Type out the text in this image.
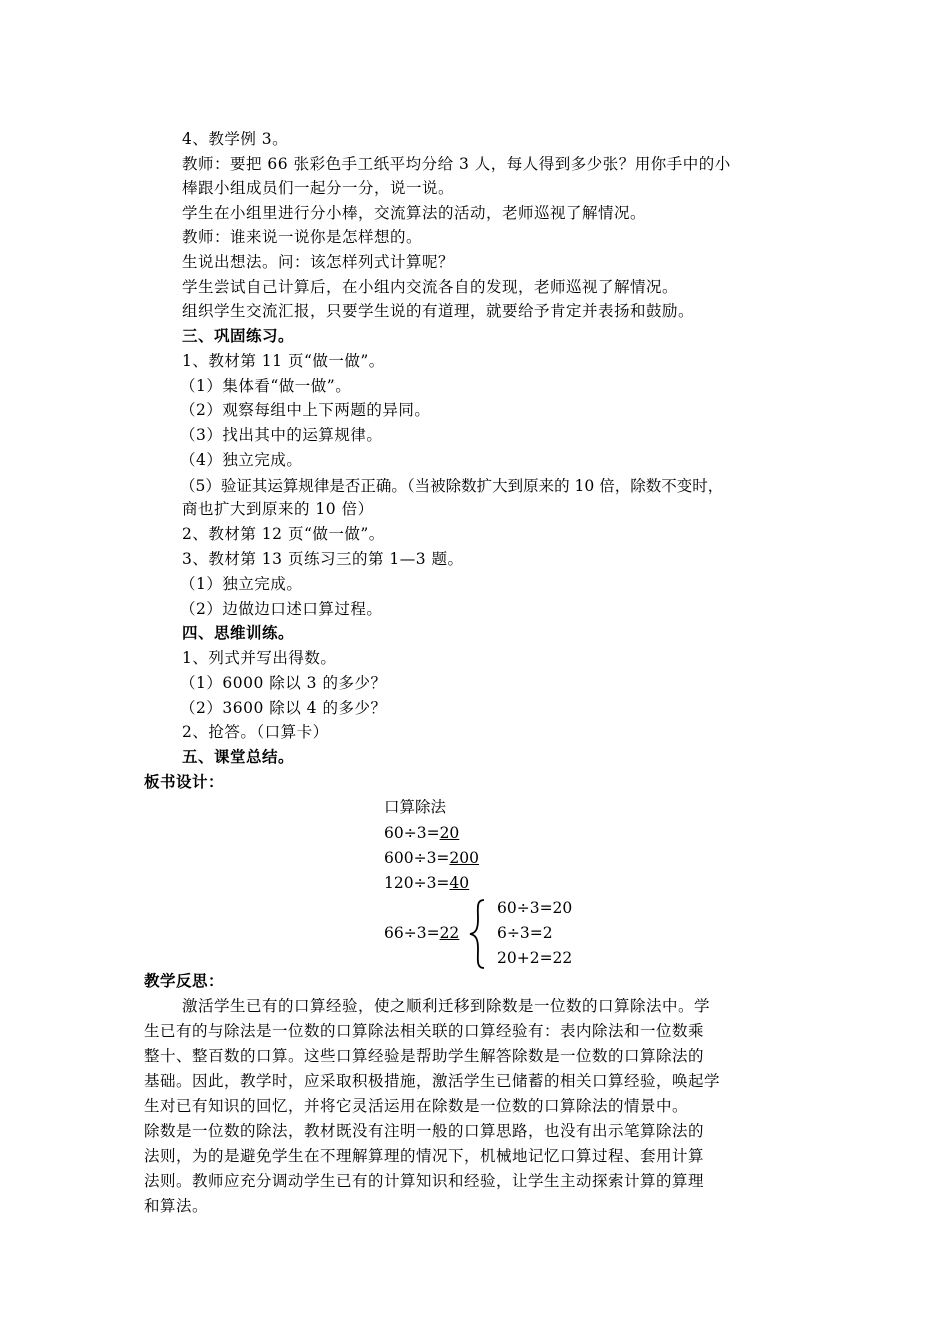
4、教学例 3。
教师：要把 66 张彩色手工纸平均分给 3 人，每人得到多少张？用你手中的小
棒跟小组成员们一起分一分，说一说。
学生在小组里进行分小棒，交流算法的活动，老师巡视了解情况。
教师：谁来说一说你是怎样想的。
生说出想法。问：该怎样列式计算呢？
学生尝试自己计算后，在小组内交流各自的发现，老师巡视了解情况。
组织学生交流汇报，只要学生说的有道理，就要给予肯定并表扬和鼓励。
三、巩固练习。
1、教材第 11 页“做一做”。
（1）集体看“做一做”。
（2）观察每组中上下两题的异同。
（3）找出其中的运算规律。
（4）独立完成。
（5）验证其运算规律是否正确。（当被除数扩大到原来的 10 倍，除数不变时，
商也扩大到原来的 10 倍）
2、教材第 12 页“做一做”。
3、教材第 13 页练习三的第 1—3 题。
（1）独立完成。
（2）边做边口述口算过程。
四、思维训练。
1、列式并写出得数。
（1）6000 除以 3 的多少？
（2）3600 除以 4 的多少？
2、抢答。（口算卡）
五、课堂总结。
板书设计：
口算除法
60÷3=20
600÷3=200
120÷3=40
66÷3=22
60÷3=20
6÷3=2
20+2=22
教学反思：
激活学生已有的口算经验，使之顺利迁移到除数是一位数的口算除法中。学
生已有的与除法是一位数的口算除法相关联的口算经验有：表内除法和一位数乘
整十、整百数的口算。这些口算经验是帮助学生解答除数是一位数的口算除法的
基础。因此，教学时，应采取积极措施，激活学生已储蓄的相关口算经验，唤起学
生对已有知识的回忆，并将它灵活运用在除数是一位数的口算除法的情景中。
除数是一位数的除法，教材既没有注明一般的口算思路，也没有出示笔算除法的
法则，为的是避免学生在不理解算理的情况下，机械地记忆口算过程、套用计算
法则。教师应充分调动学生已有的计算知识和经验，让学生主动探索计算的算理
和算法。
